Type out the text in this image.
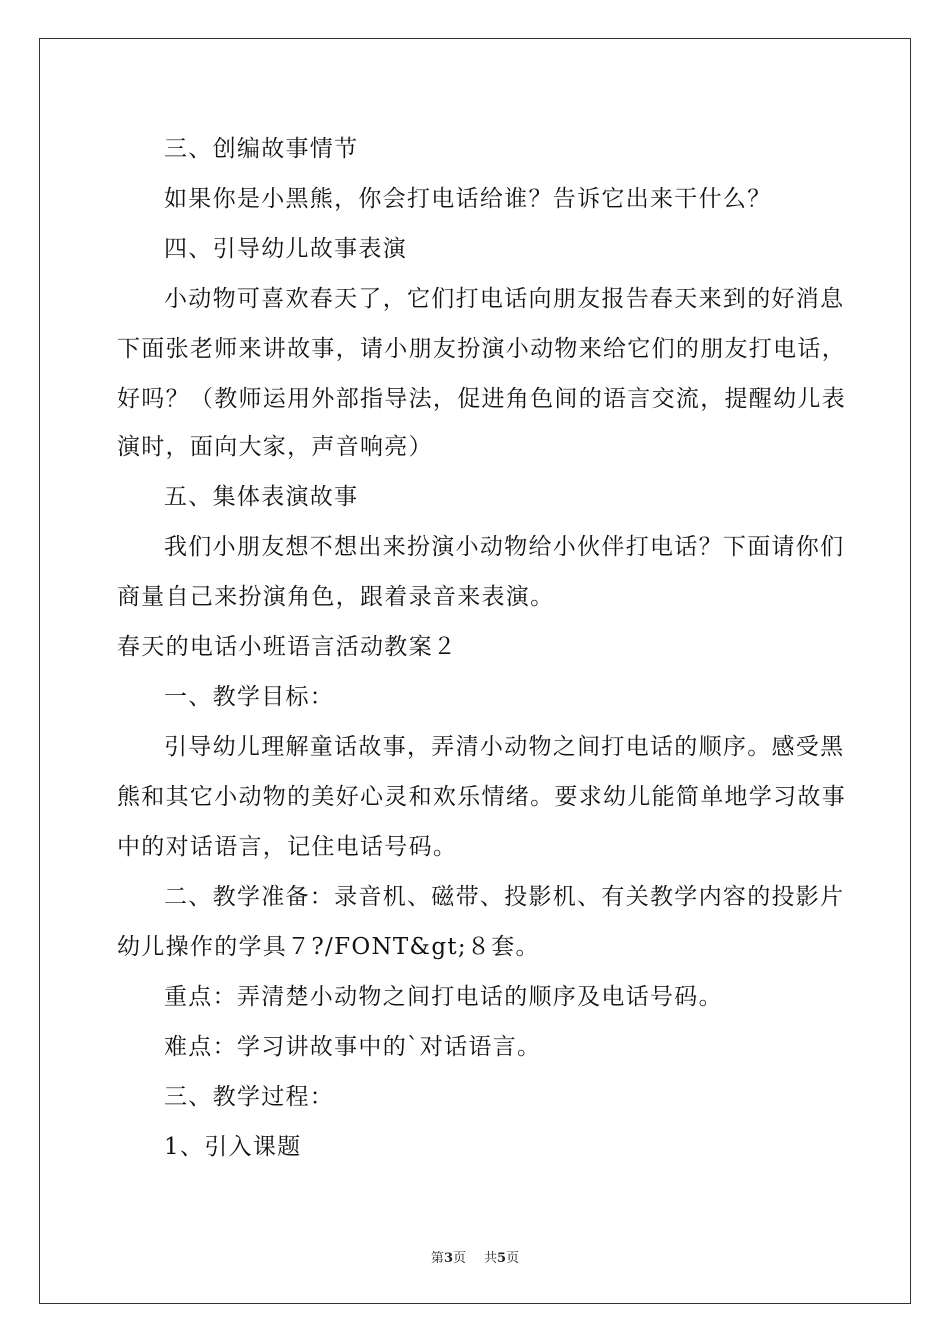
三、创编故事情节
如果你是小黑熊，你会打电话给谁？告诉它出来干什么？
四、引导幼儿故事表演
小动物可喜欢春天了，它们打电话向朋友报告春天来到的好消息
下面张老师来讲故事，请小朋友扮演小动物来给它们的朋友打电话，
好吗？（教师运用外部指导法，促进角色间的语言交流，提醒幼儿表
演时，面向大家，声音响亮）
五、集体表演故事
我们小朋友想不想出来扮演小动物给小伙伴打电话？下面请你们
商量自己来扮演角色，跟着录音来表演。
春天的电话小班语言活动教案２
一、教学目标：
引导幼儿理解童话故事，弄清小动物之间打电话的顺序。感受黑
熊和其它小动物的美好心灵和欢乐情绪。要求幼儿能简单地学习故事
中的对话语言，记住电话号码。
二、教学准备：录音机、磁带、投影机、有关教学内容的投影片
幼儿操作的学具７?/FONT&gt;８套。
重点：弄清楚小动物之间打电话的顺序及电话号码。
难点：学习讲故事中的`对话语言。
三、教学过程：
1、引入课题
第3页 共5页
